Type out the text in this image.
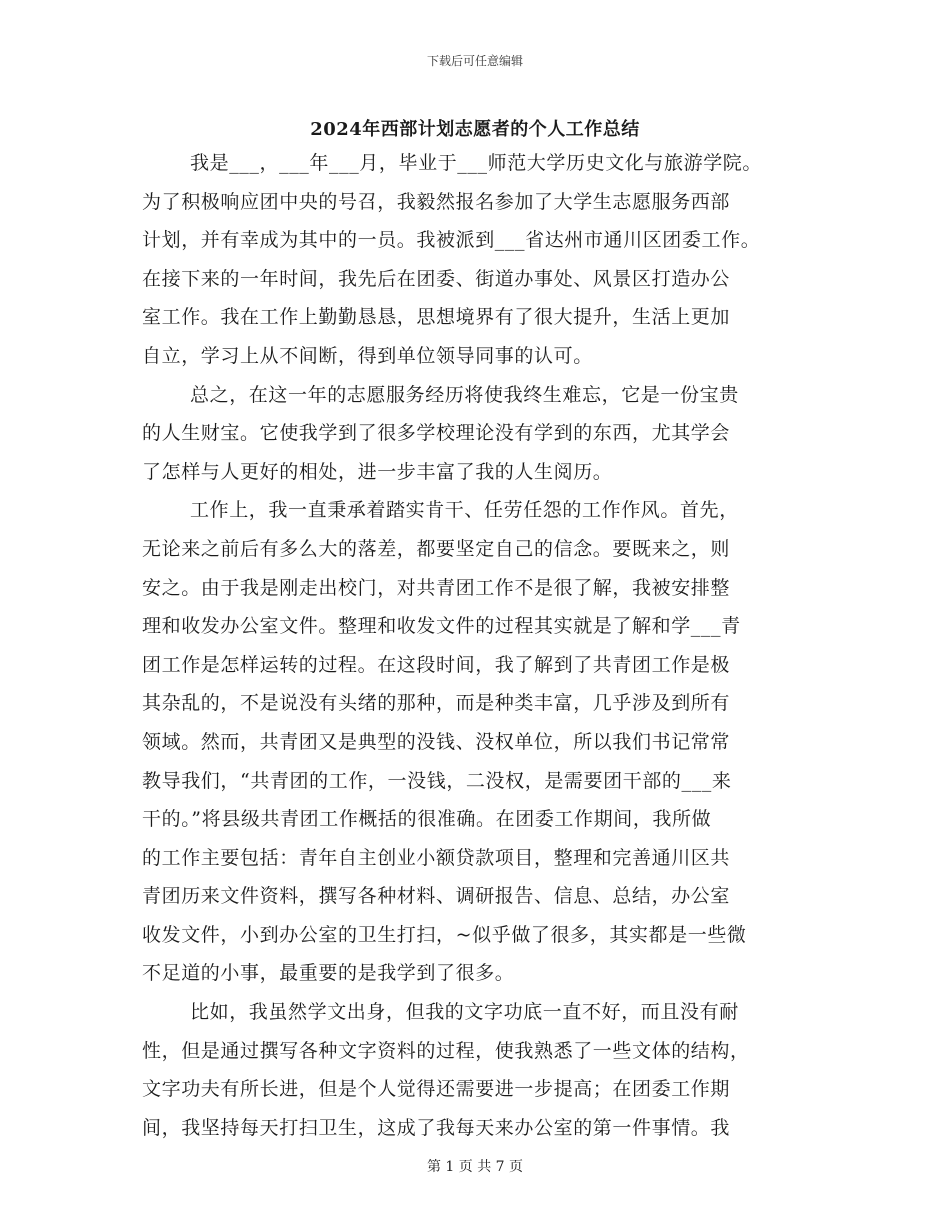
下载后可任意编辑
2024年西部计划志愿者的个人工作总结
我是___，___年___月，毕业于___师范大学历史文化与旅游学院。
为了积极响应团中央的号召，我毅然报名参加了大学生志愿服务西部
计划，并有幸成为其中的一员。我被派到___省达州市通川区团委工作。
在接下来的一年时间，我先后在团委、街道办事处、风景区打造办公
室工作。我在工作上勤勤恳恳，思想境界有了很大提升，生活上更加
自立，学习上从不间断，得到单位领导同事的认可。
总之，在这一年的志愿服务经历将使我终生难忘，它是一份宝贵
的人生财宝。它使我学到了很多学校理论没有学到的东西，尤其学会
了怎样与人更好的相处，进一步丰富了我的人生阅历。
工作上，我一直秉承着踏实肯干、任劳任怨的工作作风。首先，
无论来之前后有多么大的落差，都要坚定自己的信念。要既来之，则
安之。由于我是刚走出校门，对共青团工作不是很了解，我被安排整
理和收发办公室文件。整理和收发文件的过程其实就是了解和学___青
团工作是怎样运转的过程。在这段时间，我了解到了共青团工作是极
其杂乱的，不是说没有头绪的那种，而是种类丰富，几乎涉及到所有
领域。然而，共青团又是典型的没钱、没权单位，所以我们书记常常
教导我们，“共青团的工作，一没钱，二没权，是需要团干部的___来
干的。”将县级共青团工作概括的很准确。在团委工作期间，我所做
的工作主要包括：青年自主创业小额贷款项目，整理和完善通川区共
青团历来文件资料，撰写各种材料、调研报告、信息、总结，办公室
收发文件，小到办公室的卫生打扫，~似乎做了很多，其实都是一些微
不足道的小事，最重要的是我学到了很多。
比如，我虽然学文出身，但我的文字功底一直不好，而且没有耐
性，但是通过撰写各种文字资料的过程，使我熟悉了一些文体的结构，
文字功夫有所长进，但是个人觉得还需要进一步提高；在团委工作期
间，我坚持每天打扫卫生，这成了我每天来办公室的第一件事情。我
第 1 页 共 7 页
